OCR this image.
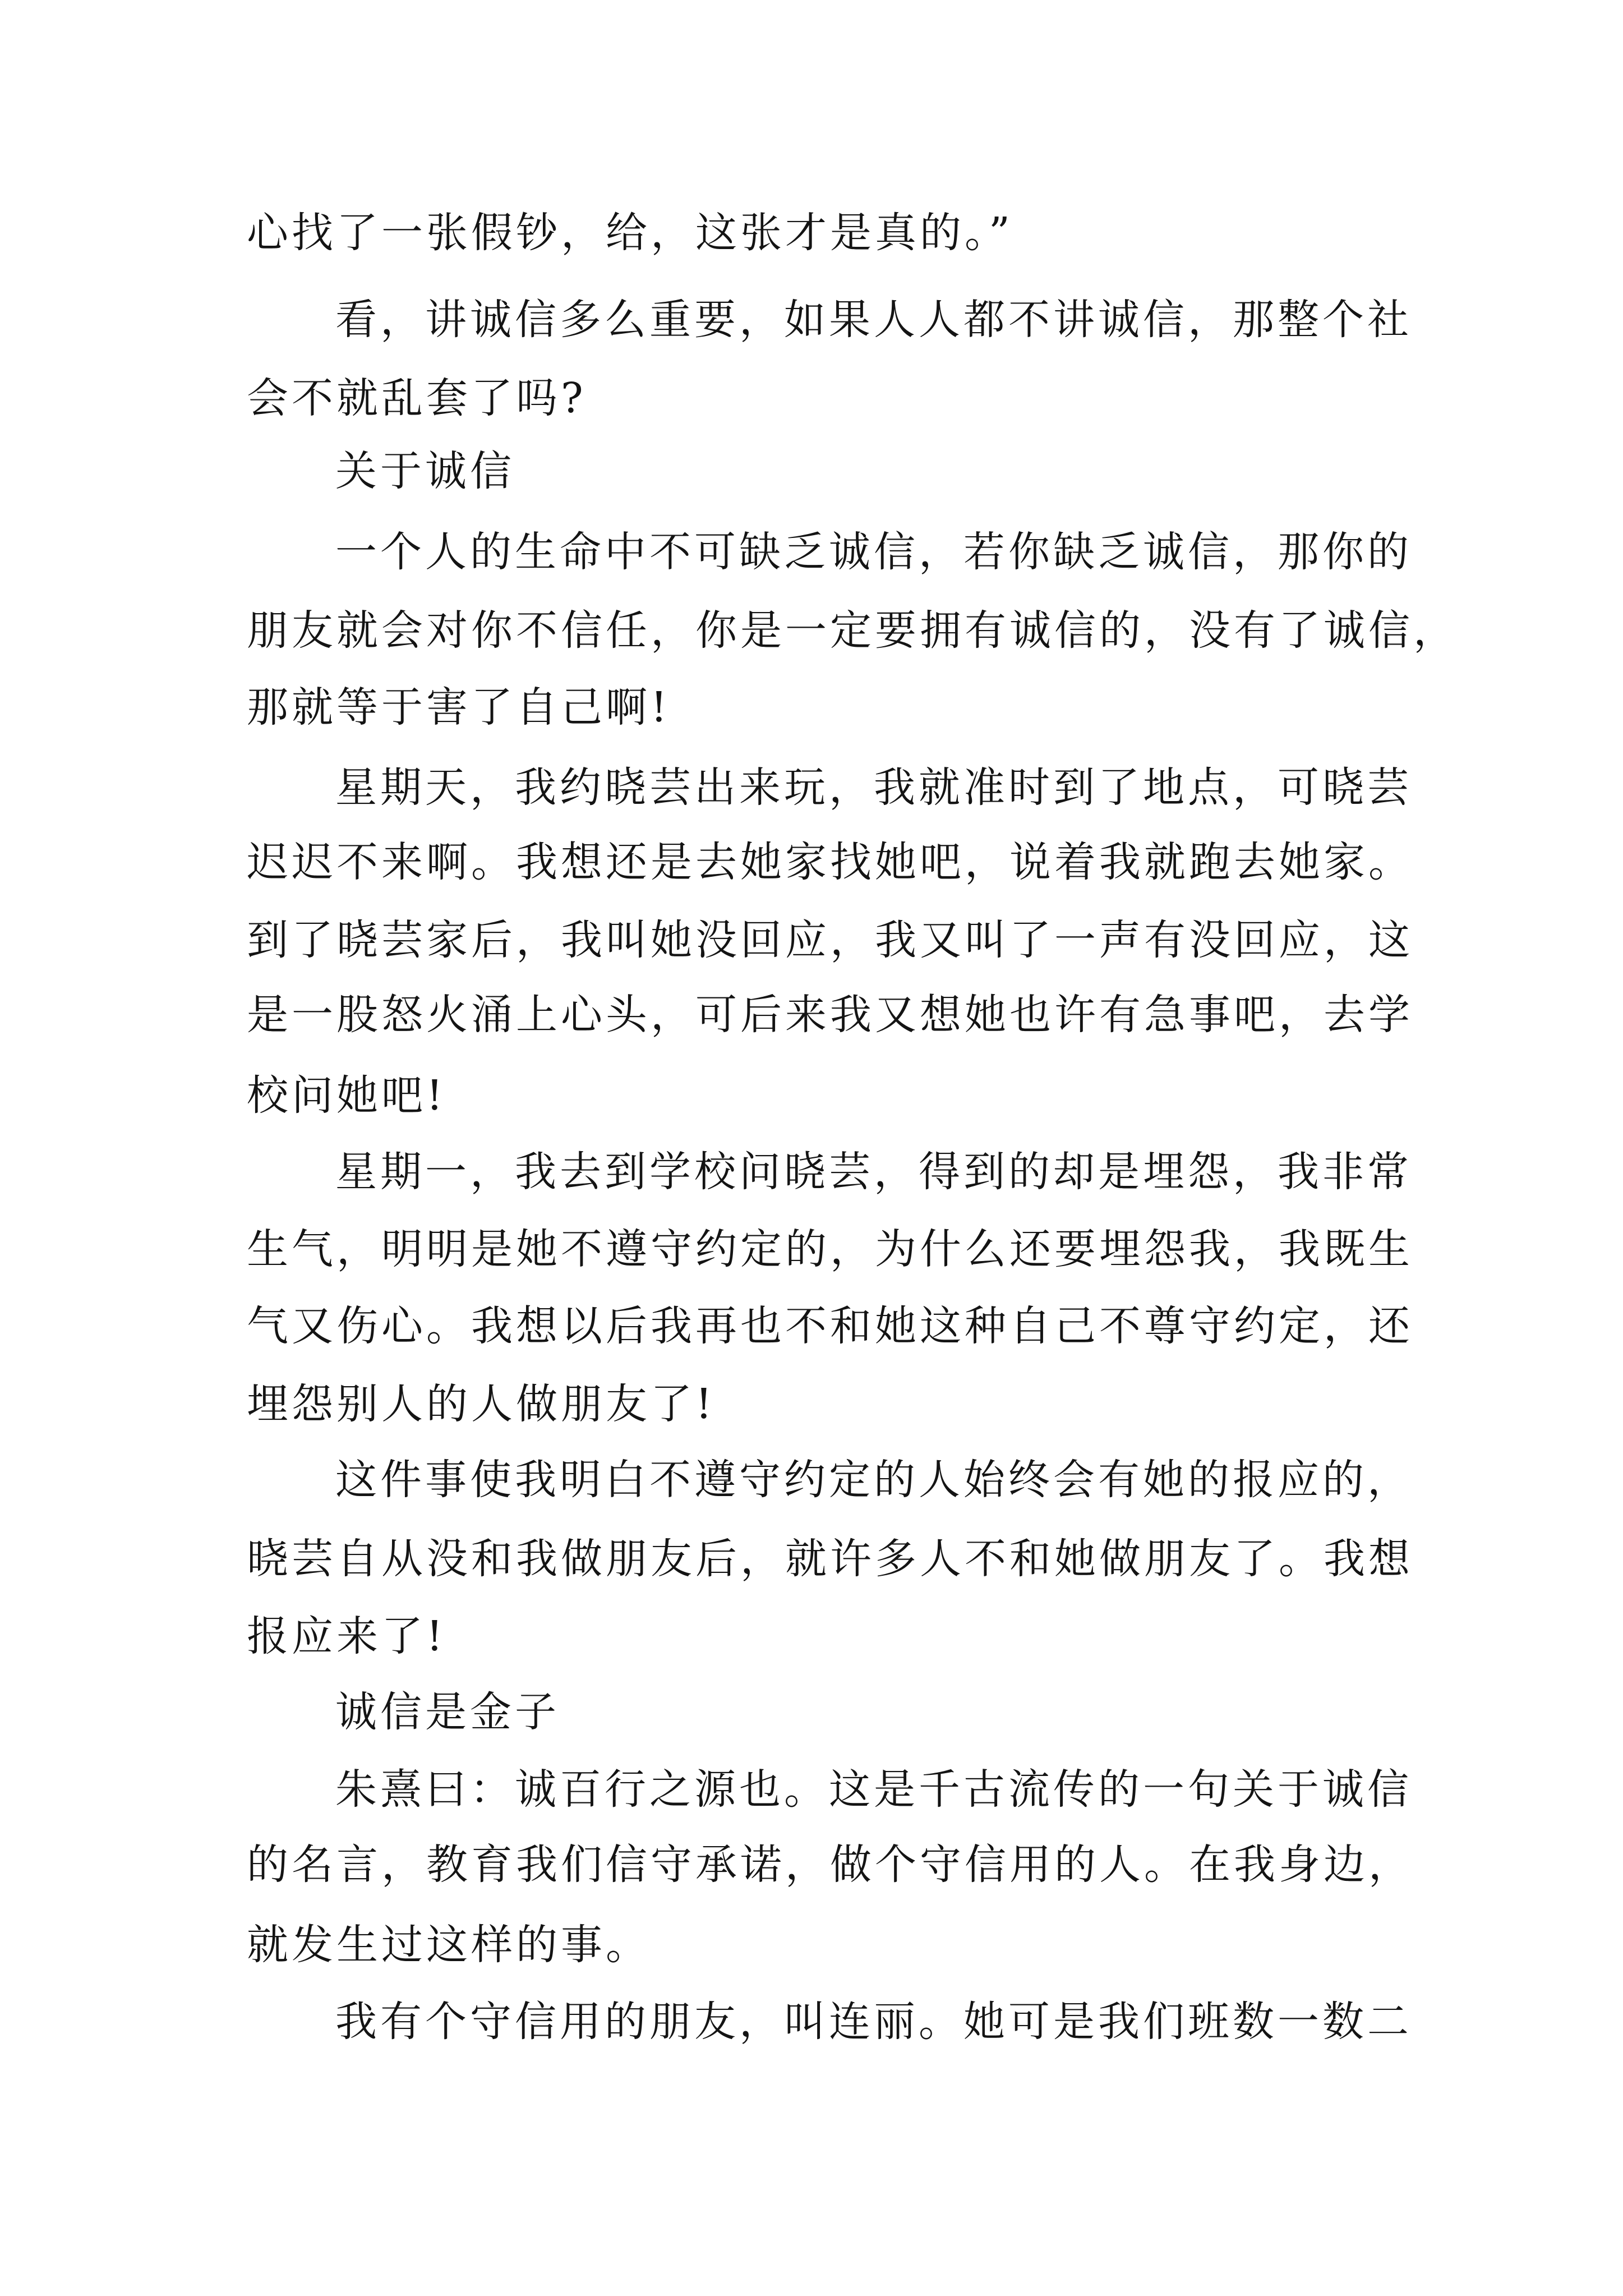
心找了一张假钞，给，这张才是真的。”
看，讲诚信多么重要，如果人人都不讲诚信，那整个社
会不就乱套了吗?
关于诚信
一个人的生命中不可缺乏诚信，若你缺乏诚信，那你的
朋友就会对你不信任，你是一定要拥有诚信的，没有了诚信，
那就等于害了自己啊!
星期天，我约晓芸出来玩，我就准时到了地点，可晓芸
迟迟不来啊。我想还是去她家找她吧，说着我就跑去她家。
到了晓芸家后，我叫她没回应，我又叫了一声有没回应，这
是一股怒火涌上心头，可后来我又想她也许有急事吧，去学
校问她吧!
星期一，我去到学校问晓芸，得到的却是埋怨，我非常
生气，明明是她不遵守约定的，为什么还要埋怨我，我既生
气又伤心。我想以后我再也不和她这种自己不尊守约定，还
埋怨别人的人做朋友了!
这件事使我明白不遵守约定的人始终会有她的报应的，
晓芸自从没和我做朋友后，就许多人不和她做朋友了。我想
报应来了!
诚信是金子
朱熹曰：诚百行之源也。这是千古流传的一句关于诚信
的名言，教育我们信守承诺，做个守信用的人。在我身边，
就发生过这样的事。
我有个守信用的朋友，叫连丽。她可是我们班数一数二
